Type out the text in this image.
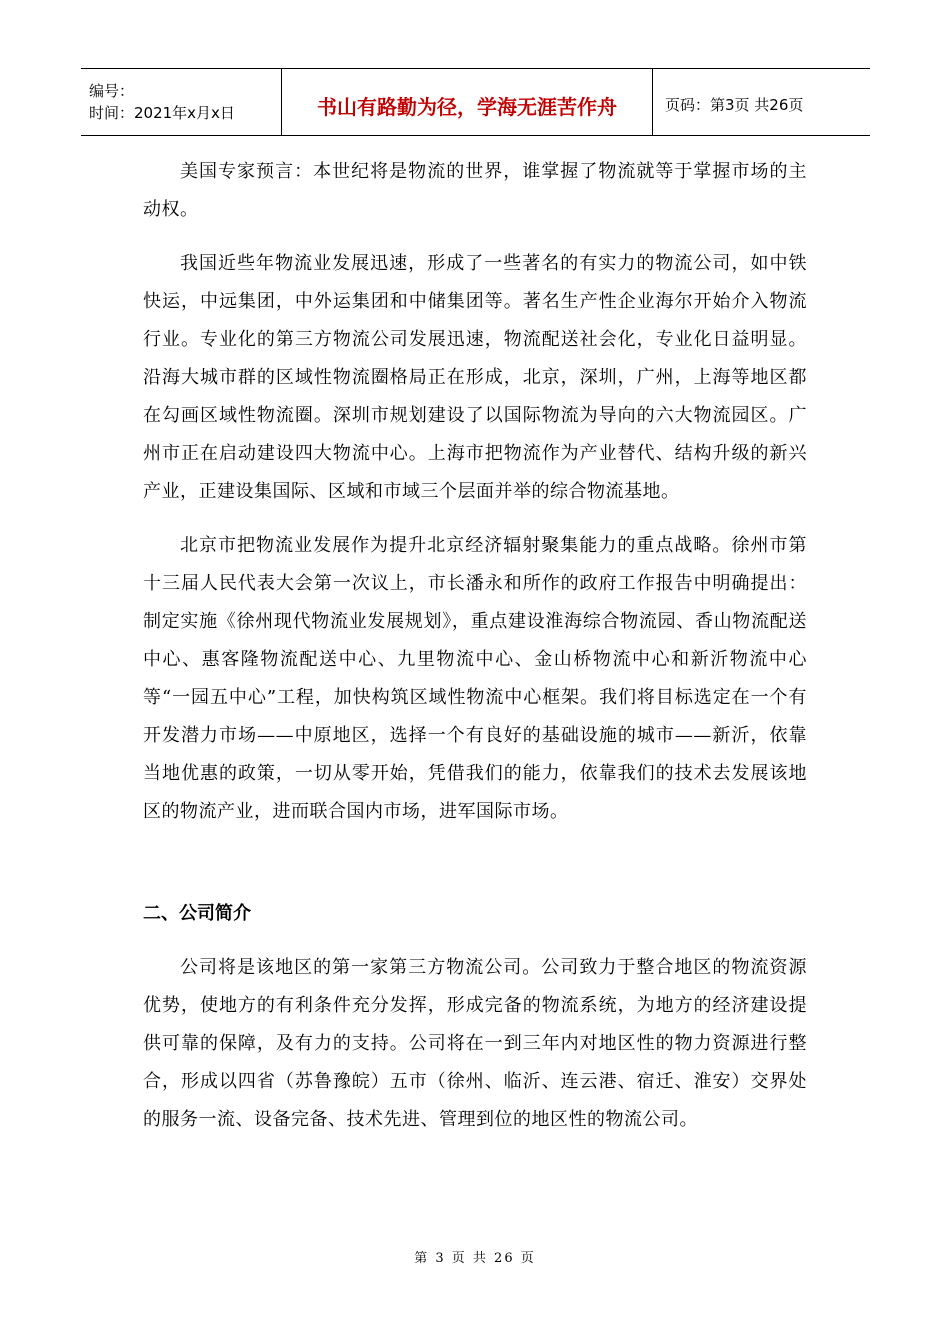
编号：
时间：2021年x月x日	书山有路勤为径，学海无涯苦作舟	页码：第3页 共26页

美国专家预言：本世纪将是物流的世界，谁掌握了物流就等于掌握市场的主动权。

我国近些年物流业发展迅速，形成了一些著名的有实力的物流公司，如中铁快运，中远集团，中外运集团和中储集团等。著名生产性企业海尔开始介入物流行业。专业化的第三方物流公司发展迅速，物流配送社会化，专业化日益明显。沿海大城市群的区域性物流圈格局正在形成，北京，深圳，广州，上海等地区都在勾画区域性物流圈。深圳市规划建设了以国际物流为导向的六大物流园区。广州市正在启动建设四大物流中心。上海市把物流作为产业替代、结构升级的新兴产业，正建设集国际、区域和市域三个层面并举的综合物流基地。

北京市把物流业发展作为提升北京经济辐射聚集能力的重点战略。徐州市第十三届人民代表大会第一次议上，市长潘永和所作的政府工作报告中明确提出：制定实施《徐州现代物流业发展规划》，重点建设淮海综合物流园、香山物流配送中心、惠客隆物流配送中心、九里物流中心、金山桥物流中心和新沂物流中心等“一园五中心”工程，加快构筑区域性物流中心框架。我们将目标选定在一个有开发潜力市场——中原地区，选择一个有良好的基础设施的城市——新沂，依靠当地优惠的政策，一切从零开始，凭借我们的能力，依靠我们的技术去发展该地区的物流产业，进而联合国内市场，进军国际市场。

二、公司简介

公司将是该地区的第一家第三方物流公司。公司致力于整合地区的物流资源优势，使地方的有利条件充分发挥，形成完备的物流系统，为地方的经济建设提供可靠的保障，及有力的支持。公司将在一到三年内对地区性的物力资源进行整合，形成以四省（苏鲁豫皖）五市（徐州、临沂、连云港、宿迁、淮安）交界处的服务一流、设备完备、技术先进、管理到位的地区性的物流公司。

第 3 页 共 26 页
